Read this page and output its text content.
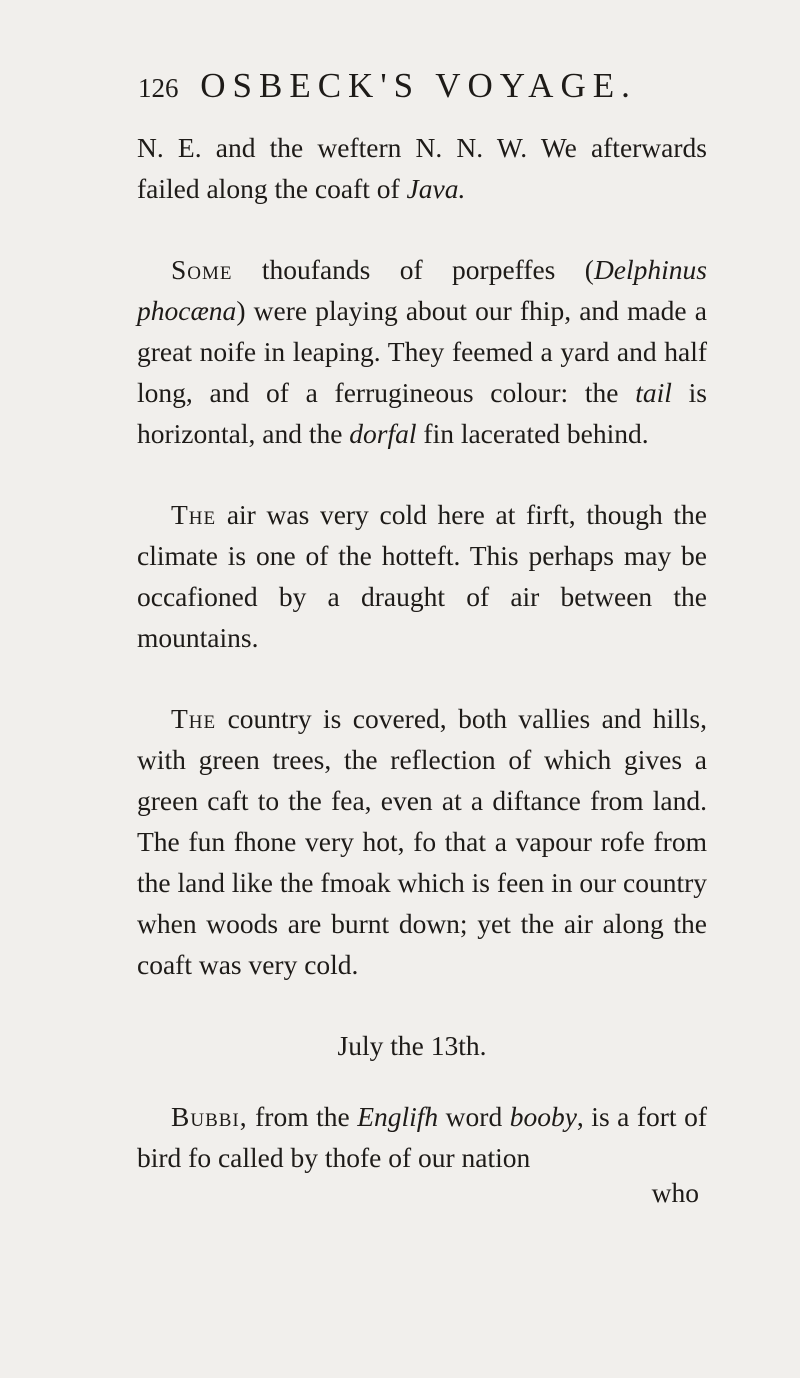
126 OSBECK'S VOYAGE.

N. E. and the weftern N. N. W. We afterwards failed along the coaft of Java.

Some thoufands of porpeffes (Delphinus phocæna) were playing about our fhip, and made a great noife in leaping. They feemed a yard and half long, and of a ferrugineous colour: the tail is horizontal, and the dorfal fin lacerated behind.

The air was very cold here at firft, though the climate is one of the hotteft. This perhaps may be occafioned by a draught of air between the mountains.

The country is covered, both vallies and hills, with green trees, the reflection of which gives a green caft to the fea, even at a diftance from land. The fun fhone very hot, fo that a vapour rofe from the land like the fmoak which is feen in our country when woods are burnt down; yet the air along the coaft was very cold.

July the 13th.

Bubbi, from the Englifh word booby, is a fort of bird fo called by thofe of our nation

who
